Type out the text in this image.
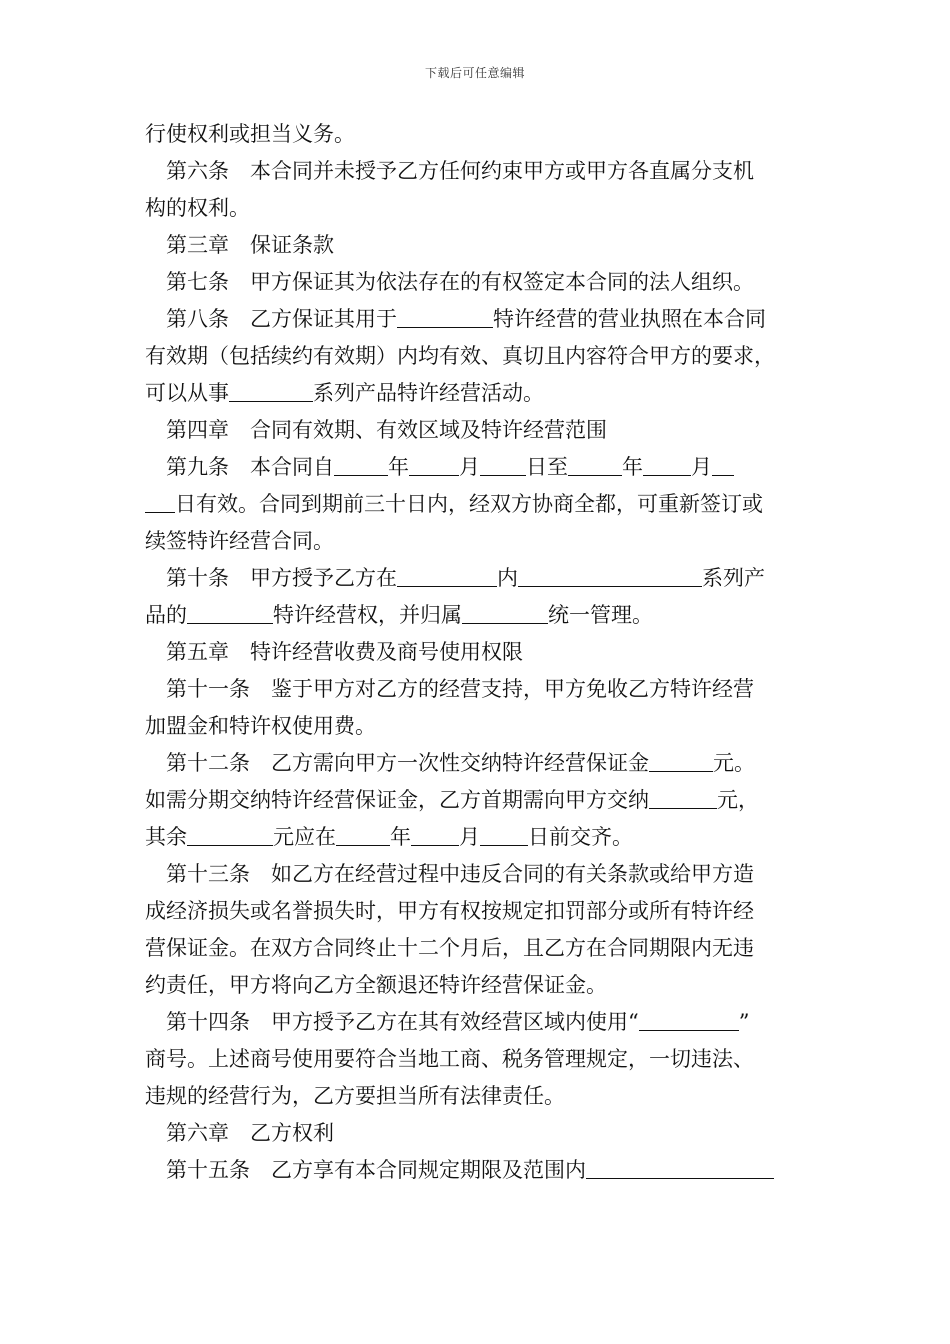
下载后可任意编辑
行使权利或担当义务。
第六条 本合同并未授予乙方任何约束甲方或甲方各直属分支机
构的权利。
第三章 保证条款
第七条 甲方保证其为依法存在的有权签定本合同的法人组织。
第八条 乙方保证其用于	特许经营的营业执照在本合同
有效期（包括续约有效期）内均有效、真切且内容符合甲方的要求，
可以从事	系列产品特许经营活动。
第四章 合同有效期、有效区域及特许经营范围
第九条 本合同自	年 月 日至	年 月
日有效。合同到期前三十日内，经双方协商全都，可重新签订或
续签特许经营合同。
第十条 甲方授予乙方在	内	系列产
品的	特许经营权，并归属	统一管理。
第五章 特许经营收费及商号使用权限
第十一条 鉴于甲方对乙方的经营支持，甲方免收乙方特许经营
加盟金和特许权使用费。
第十二条 乙方需向甲方一次性交纳特许经营保证金	元。
如需分期交纳特许经营保证金，乙方首期需向甲方交纳	元，
其余	元应在	年 月 日前交齐。
第十三条 如乙方在经营过程中违反合同的有关条款或给甲方造
成经济损失或名誉损失时，甲方有权按规定扣罚部分或所有特许经
营保证金。在双方合同终止十二个月后，且乙方在合同期限内无违
约责任，甲方将向乙方全额退还特许经营保证金。
第十四条 甲方授予乙方在其有效经营区域内使用“	”
商号。上述商号使用要符合当地工商、税务管理规定，一切违法、
违规的经营行为，乙方要担当所有法律责任。
第六章 乙方权利
第十五条 乙方享有本合同规定期限及范围内
